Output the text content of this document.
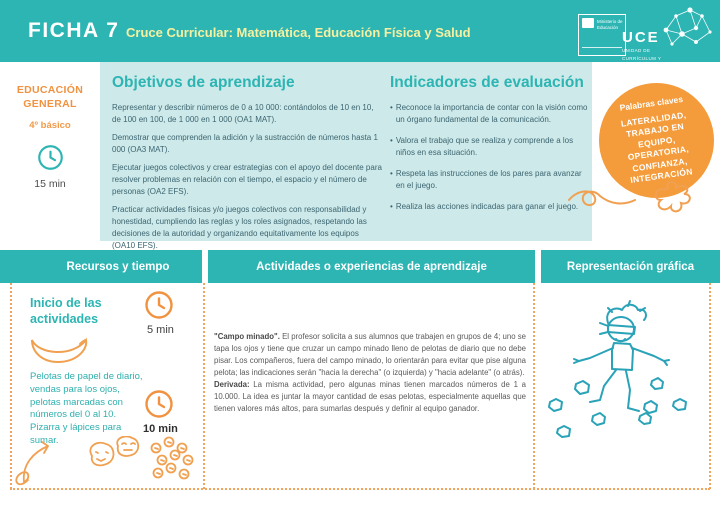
FICHA 7 Cruce Curricular: Matemática, Educación Física y Salud
Ministerio de Educación
UCE
UNIDAD DE
CURRÍCULUM Y
EVALUACIÓN
EDUCACIÓN GENERAL
4º básico
15 min
Objetivos de aprendizaje

Representar y describir números de 0 a 10 000: contándolos de 10 en 10, de 100 en 100, de 1 000 en 1 000 (OA1 MAT).

Demostrar que comprenden la adición y la sustracción de números hasta 1 000 (OA3 MAT).

Ejecutar juegos colectivos y crear estrategias con el apoyo del docente para resolver problemas en relación con el tiempo, el espacio y el número de personas (OA2 EFS).

Practicar actividades físicas y/o juegos colectivos con responsabilidad y honestidad, cumpliendo las reglas y los roles asignados, respetando las decisiones de la autoridad y organizando equitativamente los equipos (OA10 EFS).

Indicadores de evaluación
• Reconoce la importancia de contar con la visión como un órgano fundamental de la comunicación.
• Valora el trabajo que se realiza y comprende a los niños en esa situación.
• Respeta las instrucciones de los pares para avanzar en el juego.
• Realiza las acciones indicadas para ganar el juego.
Palabras claves
LATERALIDAD, TRABAJO EN EQUIPO, OPERATORIA, CONFIANZA, INTEGRACIÓN
Recursos y tiempo	Actividades o experiencias de aprendizaje	Representación gráfica
Inicio de las actividades
5 min
Pelotas de papel de diario, vendas para los ojos, pelotas marcadas con números del 0 al 10. Pizarra y lápices para sumar.
10 min

"Campo minado". El profesor solicita a sus alumnos que trabajen en grupos de 4; uno se tapa los ojos y tiene que cruzar un campo minado lleno de pelotas de diario que no debe pisar. Los compañeros, fuera del campo minado, lo orientarán para evitar que pise alguna pelota; las indicaciones serán "hacia la derecha" (o izquierda) y "hacia adelante" (o atrás).

Derivada: La misma actividad, pero algunas minas tienen marcados números de 1 a 10.000. La idea es juntar la mayor cantidad de esas pelotas, especialmente aquellas que tienen valores más altos, para sumarlas después y definir al equipo ganador.
